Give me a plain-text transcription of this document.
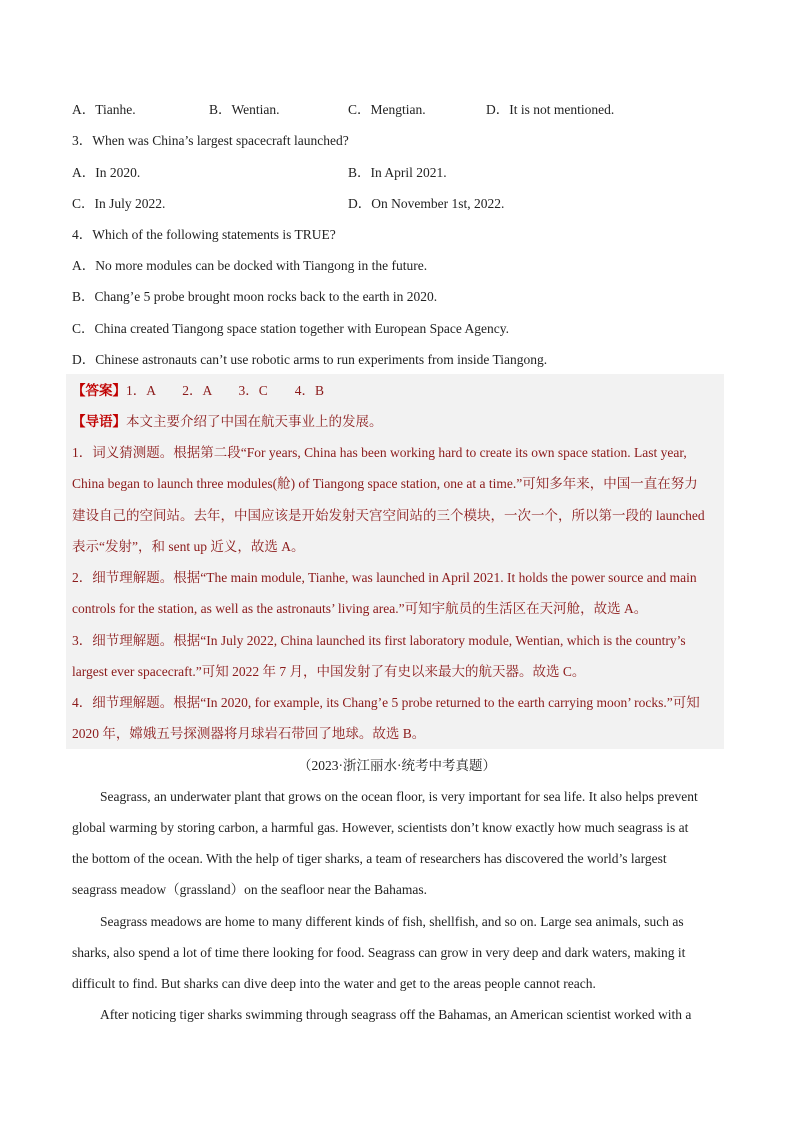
A．Tianhe.	B．Wentian.	C．Mengtian.	D．It is not mentioned.
3．When was China’s largest spacecraft launched?
A．In 2020.	B．In April 2021.
C．In July 2022.	D．On November 1st, 2022.
4．Which of the following statements is TRUE?
A．No more modules can be docked with Tiangong in the future.
B．Chang’e 5 probe brought moon rocks back to the earth in 2020.
C．China created Tiangong space station together with European Space Agency.
D．Chinese astronauts can’t use robotic arms to run experiments from inside Tiangong.
【答案】1．A　　2．A　　3．C　　4．B
【导语】本文主要介绍了中国在航天事业上的发展。
1．词义猜测题。根据第二段“For years, China has been working hard to create its own space station. Last year,
China began to launch three modules(舱) of Tiangong space station, one at a time.”可知多年来，中国一直在努力
建设自己的空间站。去年，中国应该是开始发射天宫空间站的三个模块，一次一个，所以第一段的 launched
表示“发射”，和 sent up 近义，故选 A。
2．细节理解题。根据“The main module, Tianhe, was launched in April 2021. It holds the power source and main
controls for the station, as well as the astronauts’ living area.”可知宇航员的生活区在天河舱，故选 A。
3．细节理解题。根据“In July 2022, China launched its first laboratory module, Wentian, which is the country’s
largest ever spacecraft.”可知 2022 年 7 月，中国发射了有史以来最大的航天器。故选 C。
4．细节理解题。根据“In 2020, for example, its Chang’e 5 probe returned to the earth carrying moon’ rocks.”可知
2020 年，嫦娥五号探测器将月球岩石带回了地球。故选 B。
（2023·浙江丽水·统考中考真题）
Seagrass, an underwater plant that grows on the ocean floor, is very important for sea life. It also helps prevent
global warming by storing carbon, a harmful gas. However, scientists don’t know exactly how much seagrass is at
the bottom of the ocean. With the help of tiger sharks, a team of researchers has discovered the world’s largest
seagrass meadow（grassland）on the seafloor near the Bahamas.
Seagrass meadows are home to many different kinds of fish, shellfish, and so on. Large sea animals, such as
sharks, also spend a lot of time there looking for food. Seagrass can grow in very deep and dark waters, making it
difficult to find. But sharks can dive deep into the water and get to the areas people cannot reach.
After noticing tiger sharks swimming through seagrass off the Bahamas, an American scientist worked with a
